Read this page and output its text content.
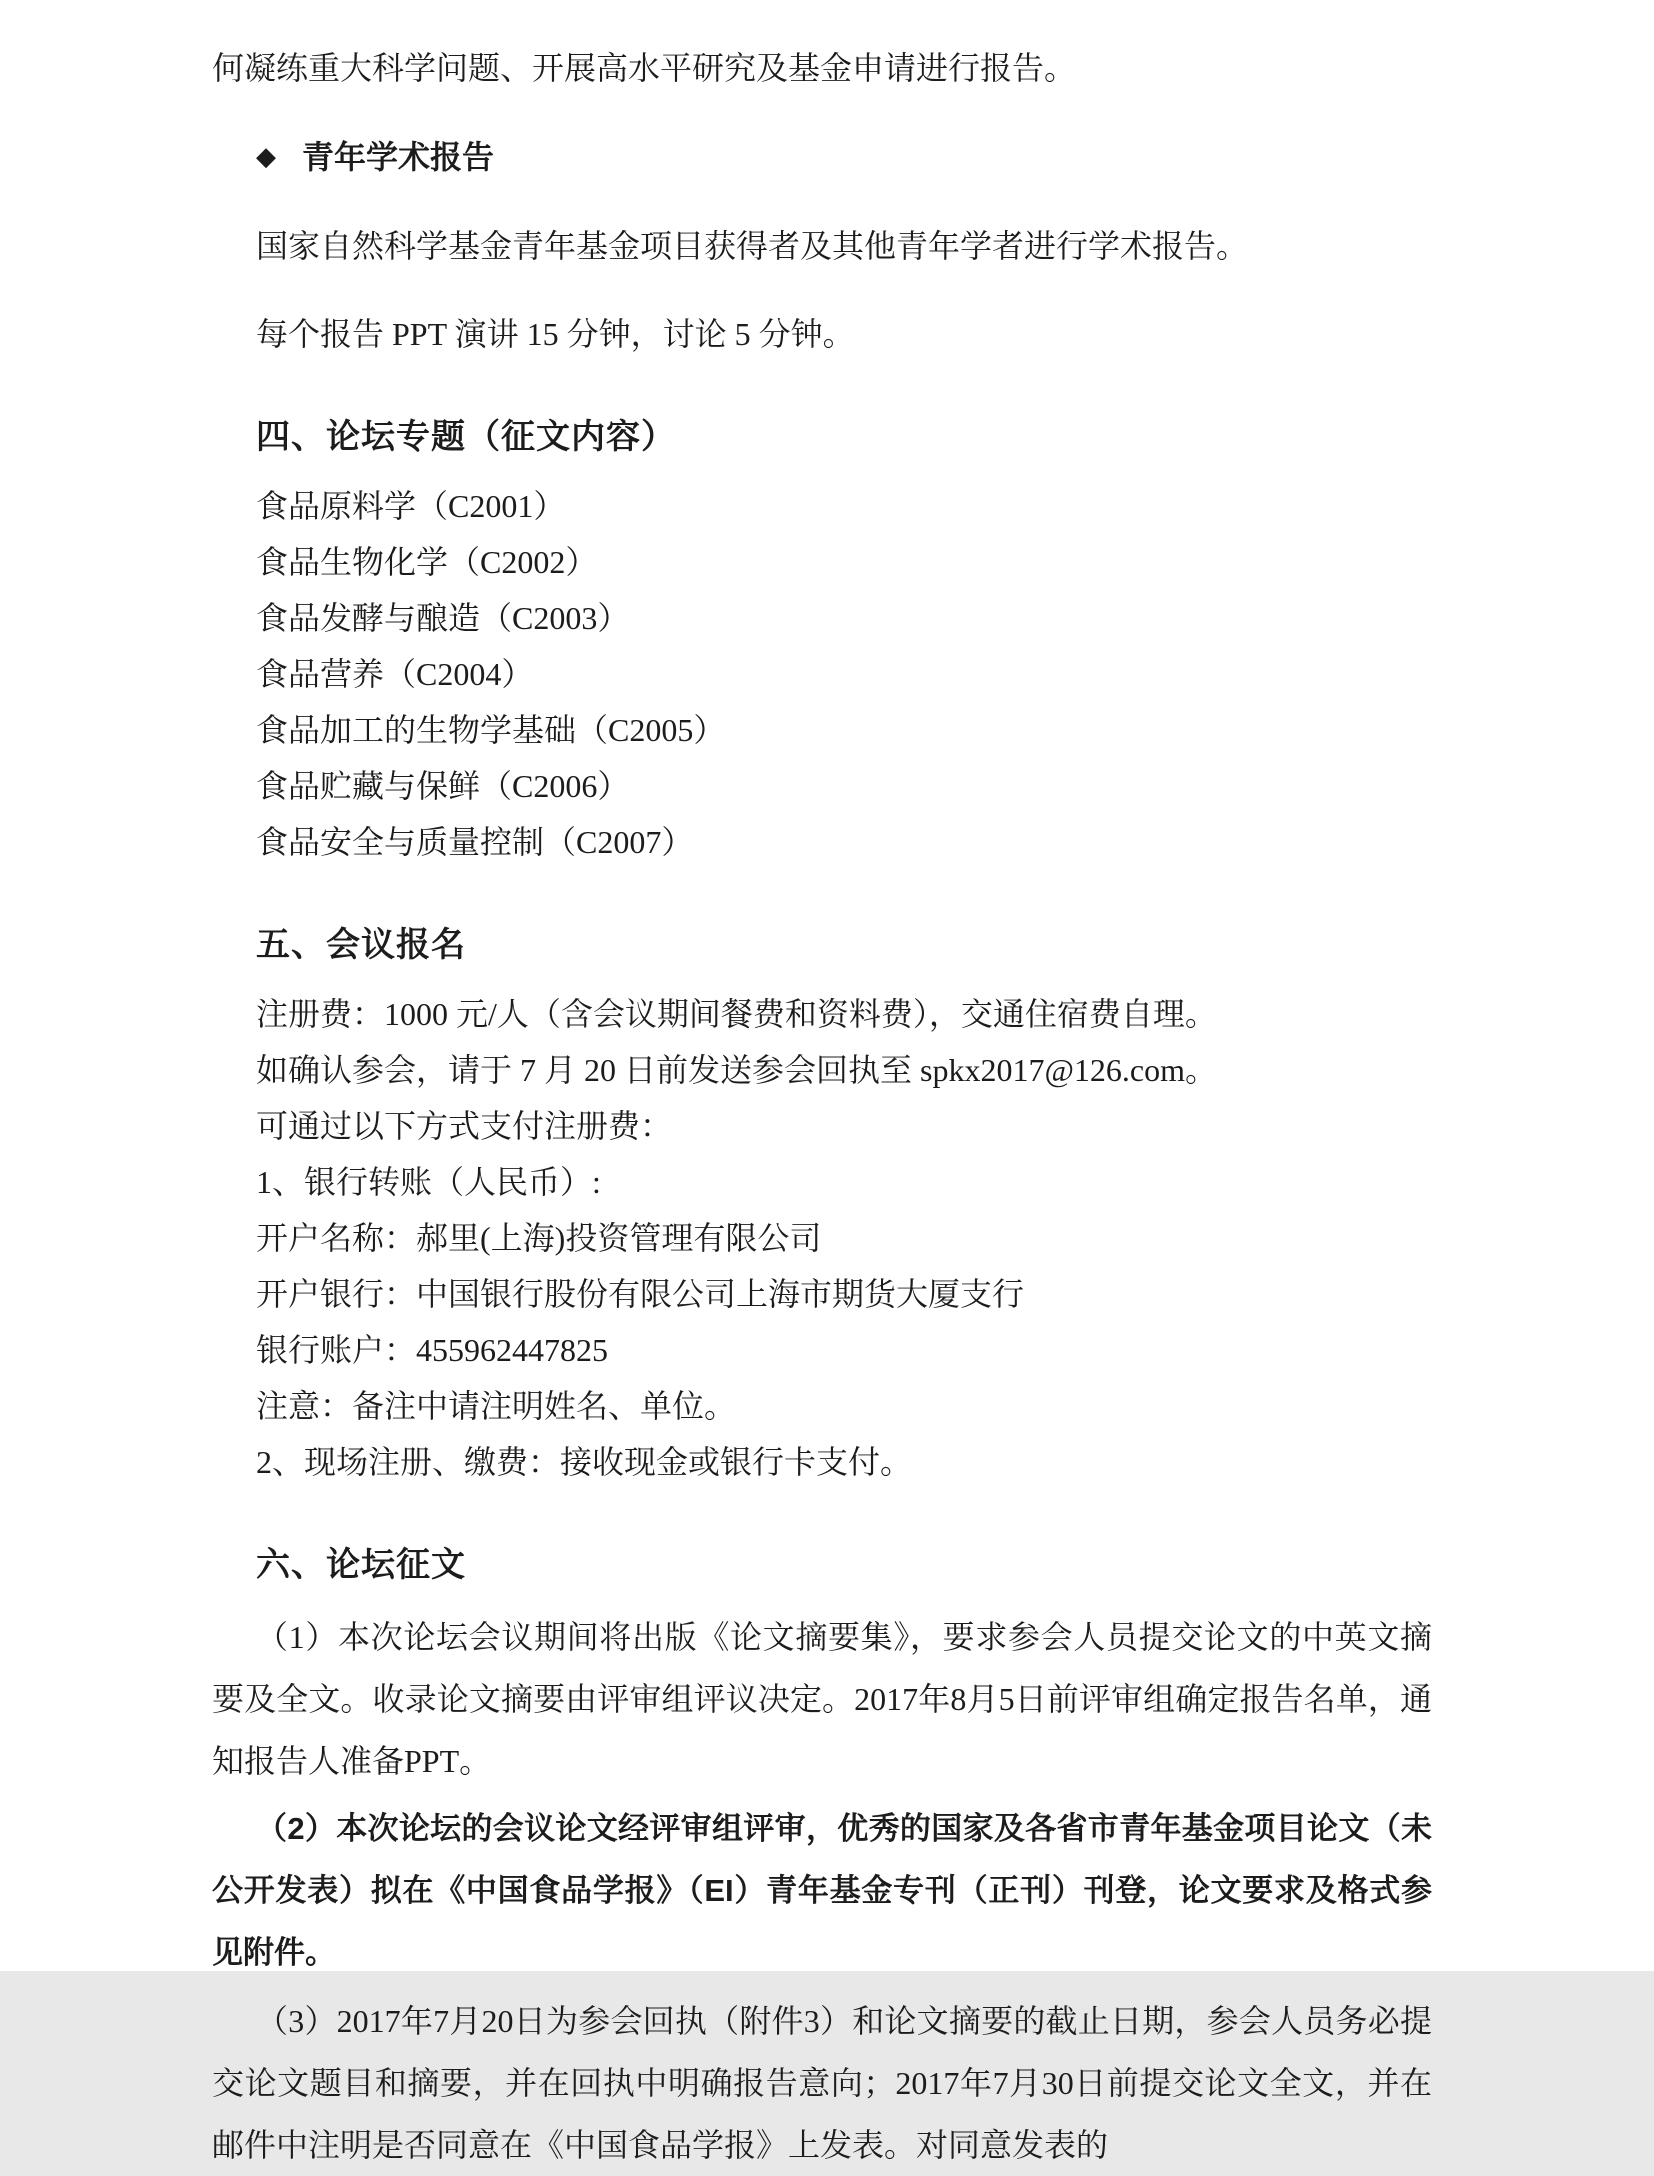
何凝练重大科学问题、开展高水平研究及基金申请进行报告。

◆ 青年学术报告

国家自然科学基金青年基金项目获得者及其他青年学者进行学术报告。

每个报告 PPT 演讲 15 分钟，讨论 5 分钟。

四、论坛专题（征文内容）

食品原料学（C2001）

食品生物化学（C2002）

食品发酵与酿造（C2003）

食品营养（C2004）

食品加工的生物学基础（C2005）

食品贮藏与保鲜（C2006）

食品安全与质量控制（C2007）

五、会议报名

注册费：1000 元/人（含会议期间餐费和资料费），交通住宿费自理。

如确认参会，请于 7 月 20 日前发送参会回执至 spkx2017@126.com。

可通过以下方式支付注册费：

1、银行转账（人民币）:

开户名称：郝里(上海)投资管理有限公司

开户银行：中国银行股份有限公司上海市期货大厦支行

银行账户：455962447825

注意：备注中请注明姓名、单位。

2、现场注册、缴费：接收现金或银行卡支付。

六、论坛征文

（1）本次论坛会议期间将出版《论文摘要集》，要求参会人员提交论文的中英文摘要及全文。收录论文摘要由评审组评议决定。2017年8月5日前评审组确定报告名单，通知报告人准备PPT。

（2）本次论坛的会议论文经评审组评审，优秀的国家及各省市青年基金项目论文（未公开发表）拟在《中国食品学报》（EI）青年基金专刊（正刊）刊登，论文要求及格式参见附件。

（3）2017年7月20日为参会回执（附件3）和论文摘要的截止日期，参会人员务必提交论文题目和摘要，并在回执中明确报告意向；2017年7月30日前提交论文全文，并在邮件中注明是否同意在《中国食品学报》上发表。对同意发表的
